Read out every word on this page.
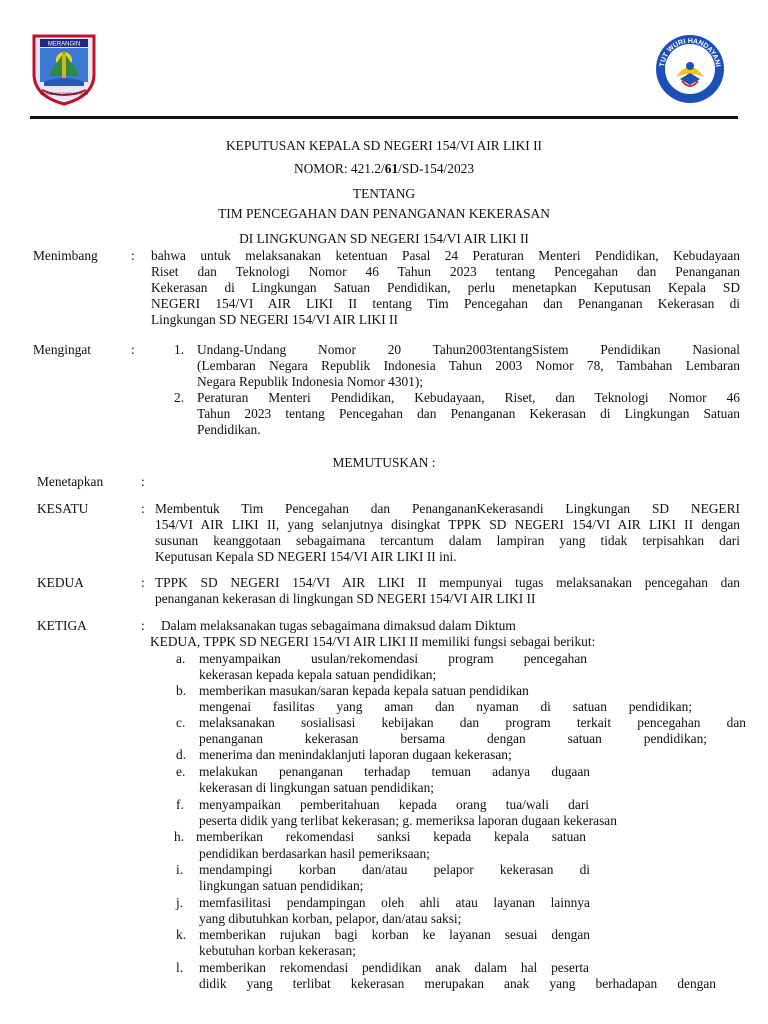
MERANGIN
TALI UNDANG TAMBANG TELITI
TUT WURI HANDAYANI
KEPUTUSAN KEPALA SD NEGERI 154/VI AIR LIKI II
NOMOR: 421.2/61/SD-154/2023
TENTANG
TIM PENCEGAHAN DAN PENANGANAN KEKERASAN
DI LINGKUNGAN SD NEGERI 154/VI AIR LIKI II
Menimbang : bahwa untuk melaksanakan ketentuan Pasal 24 Peraturan Menteri Pendidikan, Kebudayaan
Riset dan Teknologi Nomor 46 Tahun 2023 tentang Pencegahan dan Penanganan
Kekerasan di Lingkungan Satuan Pendidikan, perlu menetapkan Keputusan Kepala SD
NEGERI 154/VI AIR LIKI II tentang Tim Pencegahan dan Penanganan Kekerasan di
Lingkungan SD NEGERI 154/VI AIR LIKI II
Mengingat	:	1. Undang-Undang Nomor 20 Tahun2003tentangSistem Pendidikan Nasional
(Lembaran Negara Republik Indonesia Tahun 2003 Nomor 78, Tambahan Lembaran
Negara Republik Indonesia Nomor 4301);
2. Peraturan Menteri Pendidikan, Kebudayaan, Riset, dan Teknologi Nomor 46
Tahun 2023 tentang Pencegahan dan Penanganan Kekerasan di Lingkungan Satuan
Pendidikan.
MEMUTUSKAN :
Menetapkan	:
KESATU	: Membentuk Tim Pencegahan dan PenangananKekerasandi Lingkungan SD NEGERI
154/VI AIR LIKI II, yang selanjutnya disingkat TPPK SD NEGERI 154/VI AIR LIKI II dengan
susunan keanggotaan sebagaimana tercantum dalam lampiran yang tidak terpisahkan dari
Keputusan Kepala SD NEGERI 154/VI AIR LIKI II ini.
KEDUA	: TPPK SD NEGERI 154/VI AIR LIKI II mempunyai tugas melaksanakan pencegahan dan
penanganan kekerasan di lingkungan SD NEGERI 154/VI AIR LIKI II
KETIGA	: Dalam melaksanakan tugas sebagaimana dimaksud dalam Diktum
KEDUA, TPPK SD NEGERI 154/VI AIR LIKI II memiliki fungsi sebagai berikut:
a. menyampaikan usulan/rekomendasi program pencegahan
kekerasan kepada kepala satuan pendidikan;
b. memberikan masukan/saran kepada kepala satuan pendidikan
mengenai fasilitas yang aman dan nyaman di satuan pendidikan;
c. melaksanakan sosialisasi kebijakan dan program terkait pencegahan dan
penanganan kekerasan bersama dengan satuan pendidikan;
d. menerima dan menindaklanjuti laporan dugaan kekerasan;
e. melakukan penanganan terhadap temuan adanya dugaan
kekerasan di lingkungan satuan pendidikan;
f. menyampaikan pemberitahuan kepada orang tua/wali dari
peserta didik yang terlibat kekerasan; g. memeriksa laporan dugaan kekerasan
h. memberikan rekomendasi sanksi kepada kepala satuan
pendidikan berdasarkan hasil pemeriksaan;
i. mendampingi korban dan/atau pelapor kekerasan di
lingkungan satuan pendidikan;
j. memfasilitasi pendampingan oleh ahli atau layanan lainnya
yang dibutuhkan korban, pelapor, dan/atau saksi;
k. memberikan rujukan bagi korban ke layanan sesuai dengan
kebutuhan korban kekerasan;
l. memberikan rekomendasi pendidikan anak dalam hal peserta
didik yang terlibat kekerasan merupakan anak yang berhadapan dengan
